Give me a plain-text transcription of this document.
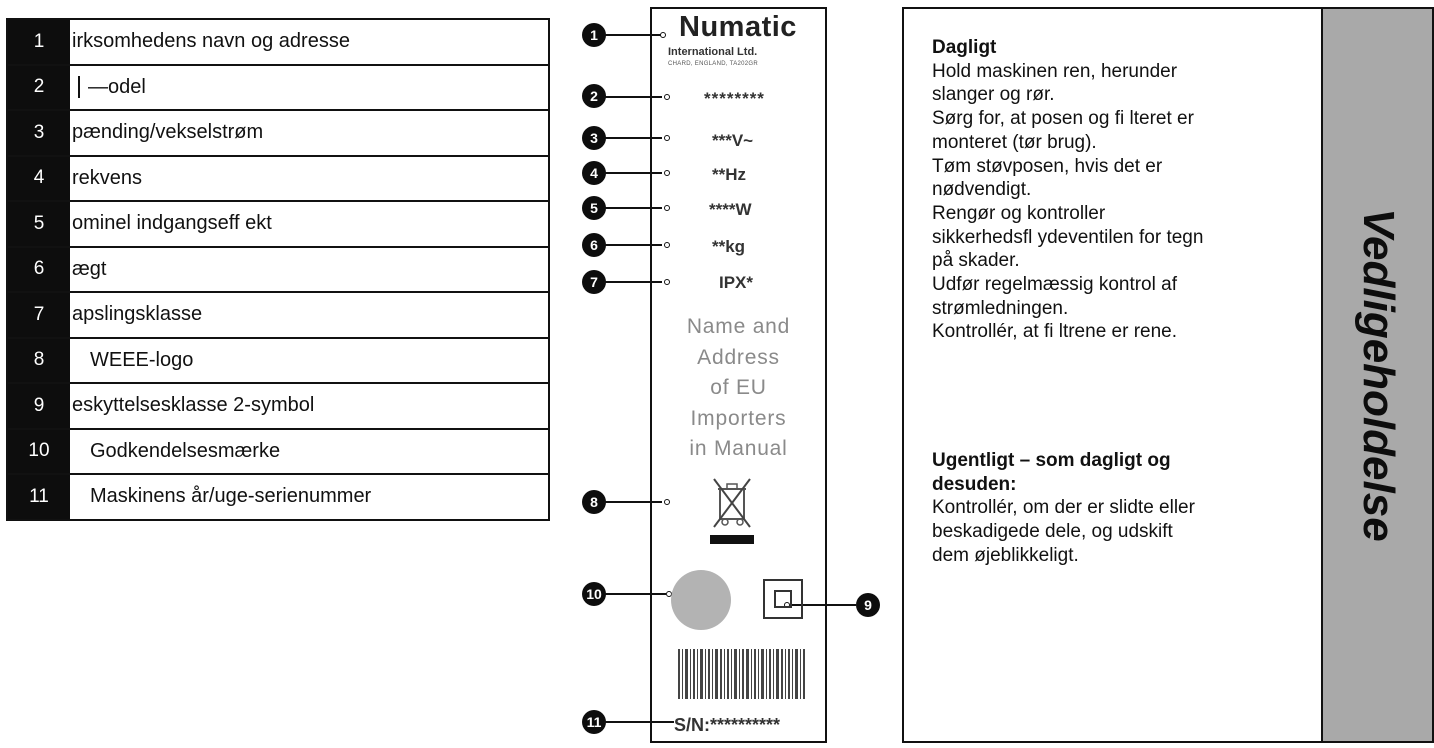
1	irksomhedens navn og adresse
2	—odel
3	pænding/vekselstrøm
4	rekvens
5	ominel indgangseff ekt
6	ægt
7	apslingsklasse
8	WEEE-logo
9	eskyttelsesklasse 2-symbol
10	Godkendelsesmærke
11	Maskinens år/uge-serienummer
1
2
3
4
5
6
7
8
10
11
9
Numatic
International Ltd.
CHARD, ENGLAND, TA202GR
********
***V~
**Hz
****W
**kg
IPX*
Name and
Address
of EU
Importers
in Manual
S/N:**********
Dagligt
Hold maskinen ren, herunder
slanger og rør.
Sørg for, at posen og fi lteret er
monteret (tør brug).
Tøm støvposen, hvis det er
nødvendigt.
Rengør og kontroller
sikkerhedsfl ydeventilen for tegn
på skader.
Udfør regelmæssig kontrol af
strømledningen.
Kontrollér, at fi ltrene er rene.
Ugentligt – som dagligt og
desuden:
Kontrollér, om der er slidte eller
beskadigede dele, og udskift
dem øjeblikkeligt.
Vedligeholdelse
